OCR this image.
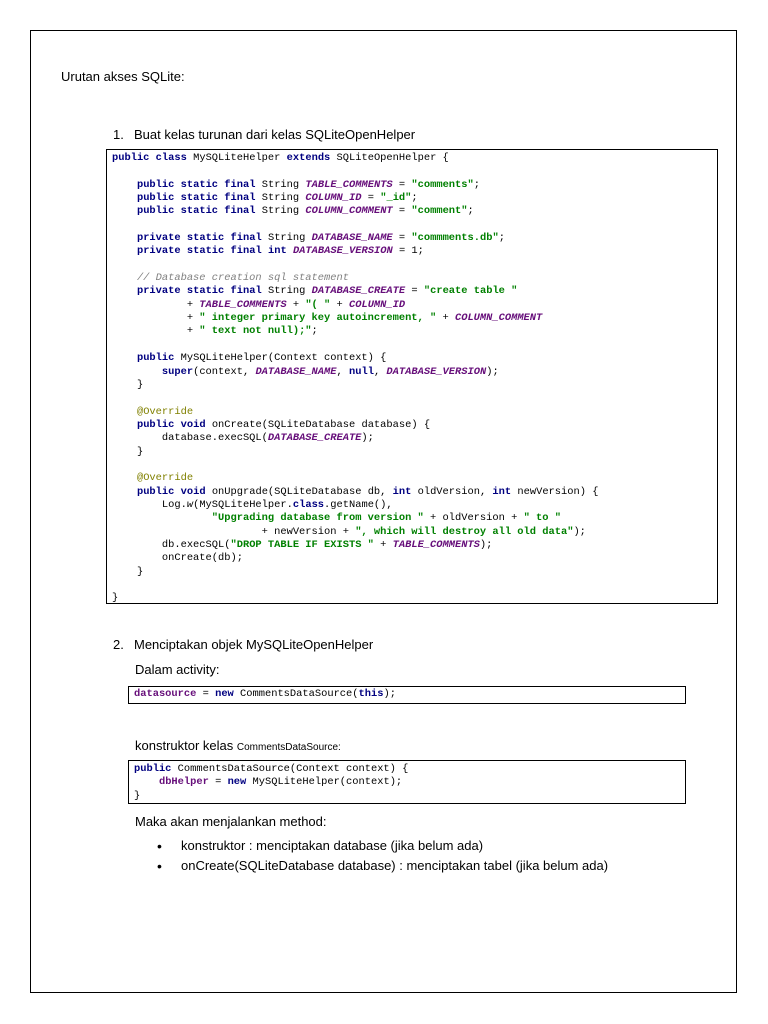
Urutan akses SQLite:
1. Buat kelas turunan dari kelas SQLiteOpenHelper
public class MySQLiteHelper extends SQLiteOpenHelper {

public static final String TABLE_COMMENTS = "comments";
public static final String COLUMN_ID = "_id";
public static final String COLUMN_COMMENT = "comment";

private static final String DATABASE_NAME = "commments.db";
private static final int DATABASE_VERSION = 1;

// Database creation sql statement
private static final String DATABASE_CREATE = "create table "
+ TABLE_COMMENTS + "( " + COLUMN_ID
+ " integer primary key autoincrement, " + COLUMN_COMMENT
+ " text not null);";

public MySQLiteHelper(Context context) {
super(context, DATABASE_NAME, null, DATABASE_VERSION);
}

@Override
public void onCreate(SQLiteDatabase database) {
database.execSQL(DATABASE_CREATE);
}

@Override
public void onUpgrade(SQLiteDatabase db, int oldVersion, int newVersion) {
Log.w(MySQLiteHelper.class.getName(),
"Upgrading database from version " + oldVersion + " to "
+ newVersion + ", which will destroy all old data");
db.execSQL("DROP TABLE IF EXISTS " + TABLE_COMMENTS);
onCreate(db);
}

}
2. Menciptakan objek MySQLiteOpenHelper
Dalam activity:
datasource = new CommentsDataSource(this);
konstruktor kelas CommentsDataSource:
public CommentsDataSource(Context context) {
dbHelper = new MySQLiteHelper(context);
}
Maka akan menjalankan method:
• konstruktor : menciptakan database (jika belum ada)
• onCreate(SQLiteDatabase database) : menciptakan tabel (jika belum ada)
